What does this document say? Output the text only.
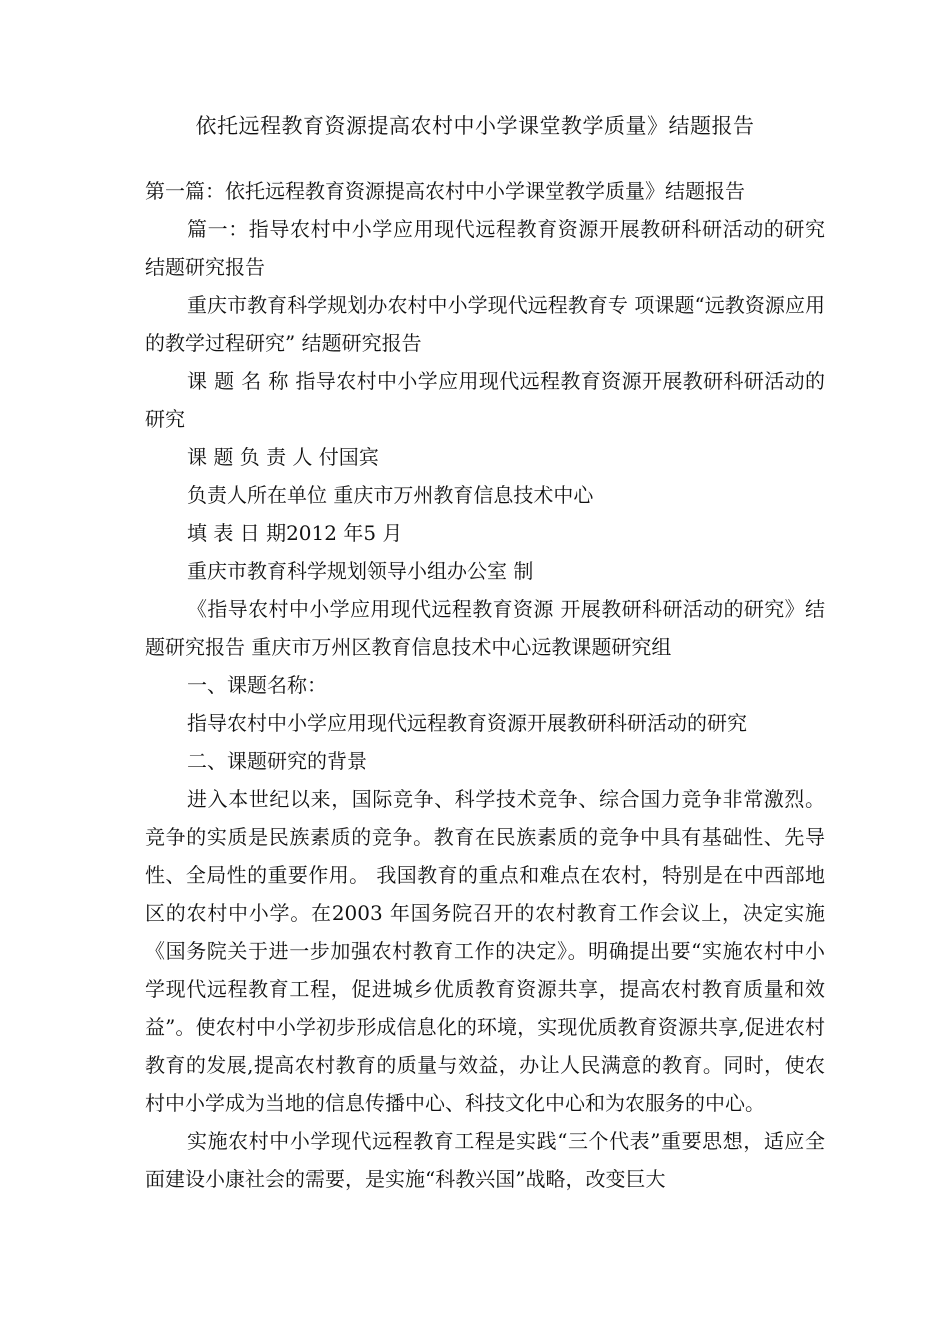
依托远程教育资源提高农村中小学课堂教学质量》结题报告

第一篇：依托远程教育资源提高农村中小学课堂教学质量》结题报告

篇一：指导农村中小学应用现代远程教育资源开展教研科研活动的研究结题研究报告

重庆市教育科学规划办农村中小学现代远程教育专 项课题“远教资源应用的教学过程研究” 结题研究报告

课 题 名 称 指导农村中小学应用现代远程教育资源开展教研科研活动的研究

课 题 负 责 人 付国宾

负责人所在单位 重庆市万州教育信息技术中心

填 表 日 期2012 年5 月

重庆市教育科学规划领导小组办公室 制

《指导农村中小学应用现代远程教育资源 开展教研科研活动的研究》结题研究报告 重庆市万州区教育信息技术中心远教课题研究组

一、课题名称：

指导农村中小学应用现代远程教育资源开展教研科研活动的研究

二、课题研究的背景

进入本世纪以来，国际竞争、科学技术竞争、综合国力竞争非常激烈。竞争的实质是民族素质的竞争。教育在民族素质的竞争中具有基础性、先导性、全局性的重要作用。 我国教育的重点和难点在农村，特别是在中西部地区的农村中小学。在2003 年国务院召开的农村教育工作会议上，决定实施《国务院关于进一步加强农村教育工作的决定》。明确提出要“实施农村中小学现代远程教育工程，促进城乡优质教育资源共享，提高农村教育质量和效益”。使农村中小学初步形成信息化的环境，实现优质教育资源共享,促进农村教育的发展,提高农村教育的质量与效益，办让人民满意的教育。同时，使农村中小学成为当地的信息传播中心、科技文化中心和为农服务的中心。

实施农村中小学现代远程教育工程是实践“三个代表”重要思想，适应全面建设小康社会的需要，是实施“科教兴国”战略，改变巨大
